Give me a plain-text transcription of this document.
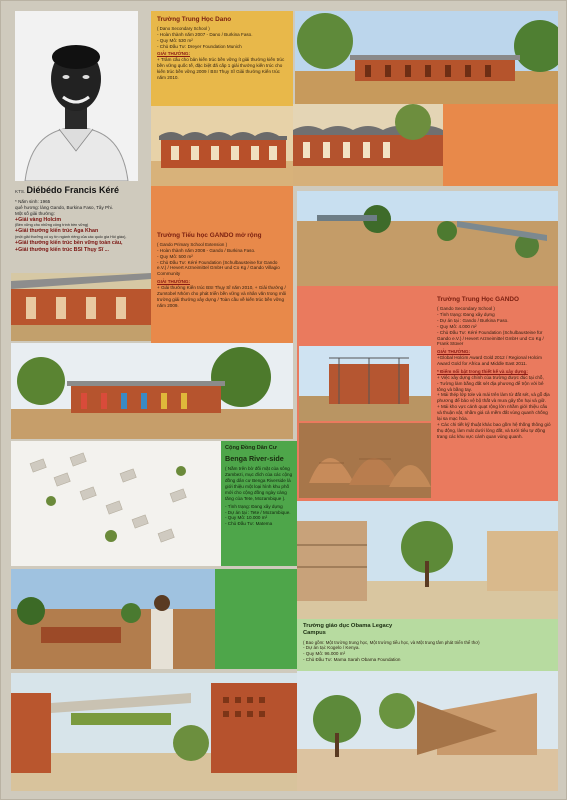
KTS. Diébédo Francis Kéré
* Năm sinh: 1965
quê hương: làng Gando, Burkina Faso, Tây Phi.
Một số giải thưởng:
+Giải vàng Holcim
(Bền vững cho những công trình bền vững)
+Giải thưởng kiến trúc Aga Khan
(một giải thưởng có uy tín ngành riêng của các quốc gia Hồi giáo),
+Giải thưởng kiến trúc bền vững toàn cầu,
+Giải thưởng kiến trúc BSI Thụy Sĩ ...
Trường Trung Học Dano
( Dano Secondary School )
- Hoàn thành năm 2007 - Dano / Burkina Faso.
- Quy Mô: 530 m²
- Chủ Đầu Tư: Dreyer Foundation Munich
GIẢI THƯỞNG:
+ Trâm cấu cho bản kiến trúc bền vững ít giải thưởng kiến trúc bền vững quốc tế, đặc biệt đã cấp 1 giải thưởng kiến trúc cho kiến trúc bền vững 2009 / BSI Thụy Sĩ Giải thưởng Kiến trúc năm 2010.
Trường Tiểu học GANDO mở rộng
( Gando Primary School Extension )
- Hoàn thành năm 2008 - Gando / Burkina Faso.
- Quy Mô: 500 m²
- Chủ Đầu Tư: Kéré Foundation (Schulbausteine für Gando e.V.) / Hevert Arzneimittel GmbH und Co Kg / Gando Villagio Community
GIẢI THƯỞNG:
+ Giải thưởng Kiến trúc BSI Thụy Sĩ năm 2010, + Giải thưởng / Zumtobel Nhóm cho phát triển bền vững và nhân văn trong môi trường giải thưởng xây dựng / Toàn cầu về kiến trúc bền vững năm 2009.
Trường Trung Học GANDO
( Gando Secondary School )
- Tình trạng: Đang xây dựng
- Dự án tại : Gando / Burkina Faso.
- Quy Mô: 4.000 m²
- Chủ Đầu Tư: Kéré Foundation (Schulbausteine für Gando e.V.) / Hevert Arzneimittel GmbH und Co Kg / Frank Stüver
GIẢI THƯỞNG:
+Global Holcim Award Gold 2012 / Regional Holcim Award Gold for Africa and Middle East 2011.
* Điểm nổi bật trong thiết kế và xây dựng:
+ Việc xây dựng chính của trường được đúc tại chỗ,
- Tường làm bằng đất sét địa phương để trộn với bê tông và bằng tay.
+ Mái thép lớp tole và mái trên làm từ đất sét, và gỗ địa phương để bảo vệ bộ thất và mưa gây tồn hại và giữ.
+ Mái kho vực cánh quạt rộng lớn nhằm giới thiệu cấu và thuận vật, nhằm giá cả mềm đất vùng quanh chống lại sa mạc hóa.
+ Các chi tiết kỹ thuật khác bao gồm hệ thống thông gió thụ động, làm mát dưới lòng đất, và tưới tiêu tự động trang các khu vực cánh quan vùng quanh.
Cộng Đồng Dân Cư
Benga River-side
( Nằm trên bờ đối mặt của sông Zambezi, mục đích của các cộng đồng dân cư Benga Riverside là giới thiệu một loại hình khu phố mới cho cộng đồng ngày càng tăng của Tete, Mozambique ).
- Tình trạng: Đang xây dựng
- Dự án tại : Tete / Mozambique.
- Quy Mô: 10.000 m²
- Chủ Đầu Tư: Matema
Trường giáo dục Obama Legacy
Campus
( Bao gồm: Một trường trung học, Một trường tiểu học, và Một trung tâm phát triển thể thơ)
- Dự án tại: Kogelo / Kenya.
- Quy Mô: 96.000 m²
- Chủ Đầu Tư: Mama Sarah Obama Foundation
